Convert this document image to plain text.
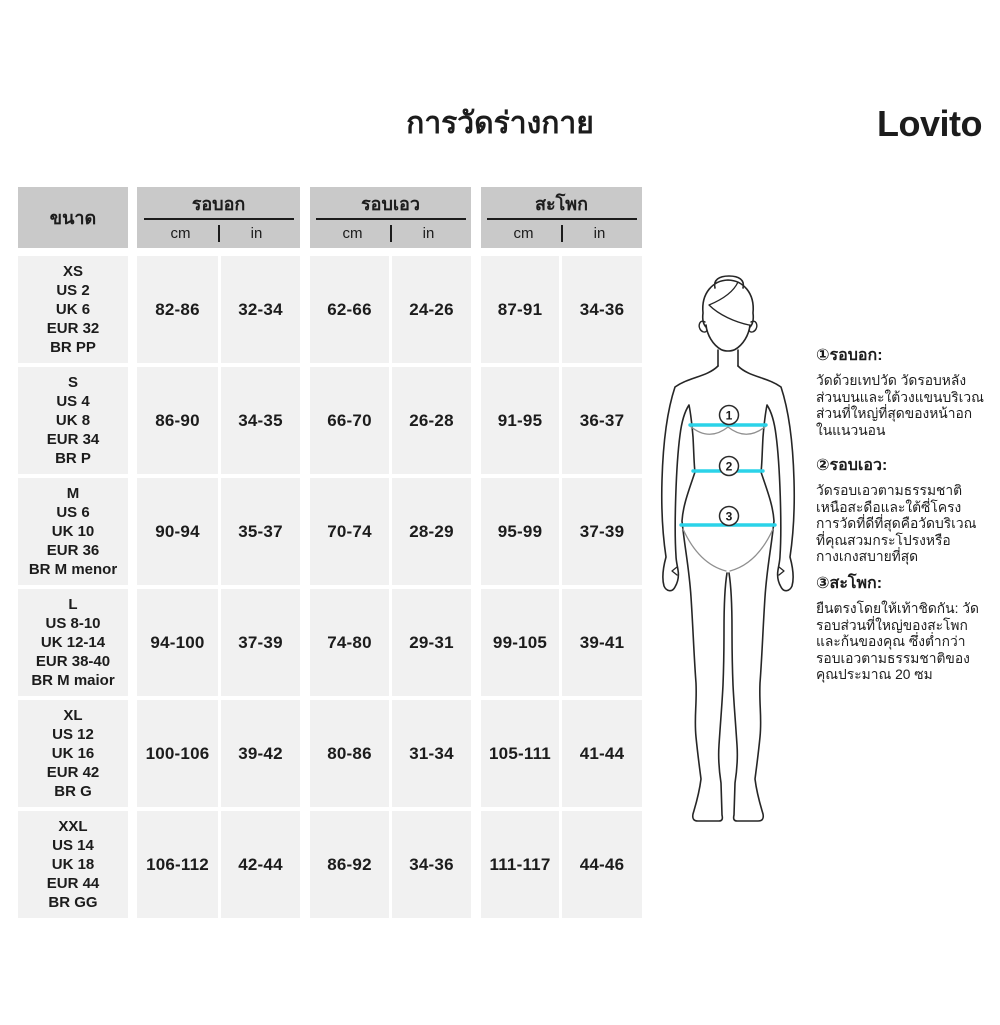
การวัดร่างกาย	Lovito
ขนาด
รอบอก
cm	in
รอบเอว
cm	in
สะโพก
cm	in
XS
US 2
UK 6
EUR 32
BR PP
82-86	32-34	62-66	24-26	87-91	34-36
S
US 4
UK 8
EUR 34
BR P
86-90	34-35	66-70	26-28	91-95	36-37
M
US 6
UK 10
EUR 36
BR M menor
90-94	35-37	70-74	28-29	95-99	37-39
L
US 8-10
UK 12-14
EUR 38-40
BR M maior
94-100	37-39	74-80	29-31	99-105	39-41
XL
US 12
UK 16
EUR 42
BR G
100-106	39-42	80-86	31-34	105-111	41-44
XXL
US 14
UK 18
EUR 44
BR GG
106-112	42-44	86-92	34-36	111-117	44-46
1
2
3
①รอบอก:
วัดด้วยเทปวัด วัดรอบหลัง
ส่วนบนและใต้วงแขนบริเวณ
ส่วนที่ใหญ่ที่สุดของหน้าอก
ในแนวนอน
②รอบเอว:
วัดรอบเอวตามธรรมชาติ
เหนือสะดือและใต้ซี่โครง
การวัดที่ดีที่สุดคือวัดบริเวณ
ที่คุณสวมกระโปรงหรือ
กางเกงสบายที่สุด
③สะโพก:
ยืนตรงโดยให้เท้าชิดกัน: วัด
รอบส่วนที่ใหญ่ของสะโพก
และก้นของคุณ ซึ่งต่ำกว่า
รอบเอวตามธรรมชาติของ
คุณประมาณ 20 ซม
